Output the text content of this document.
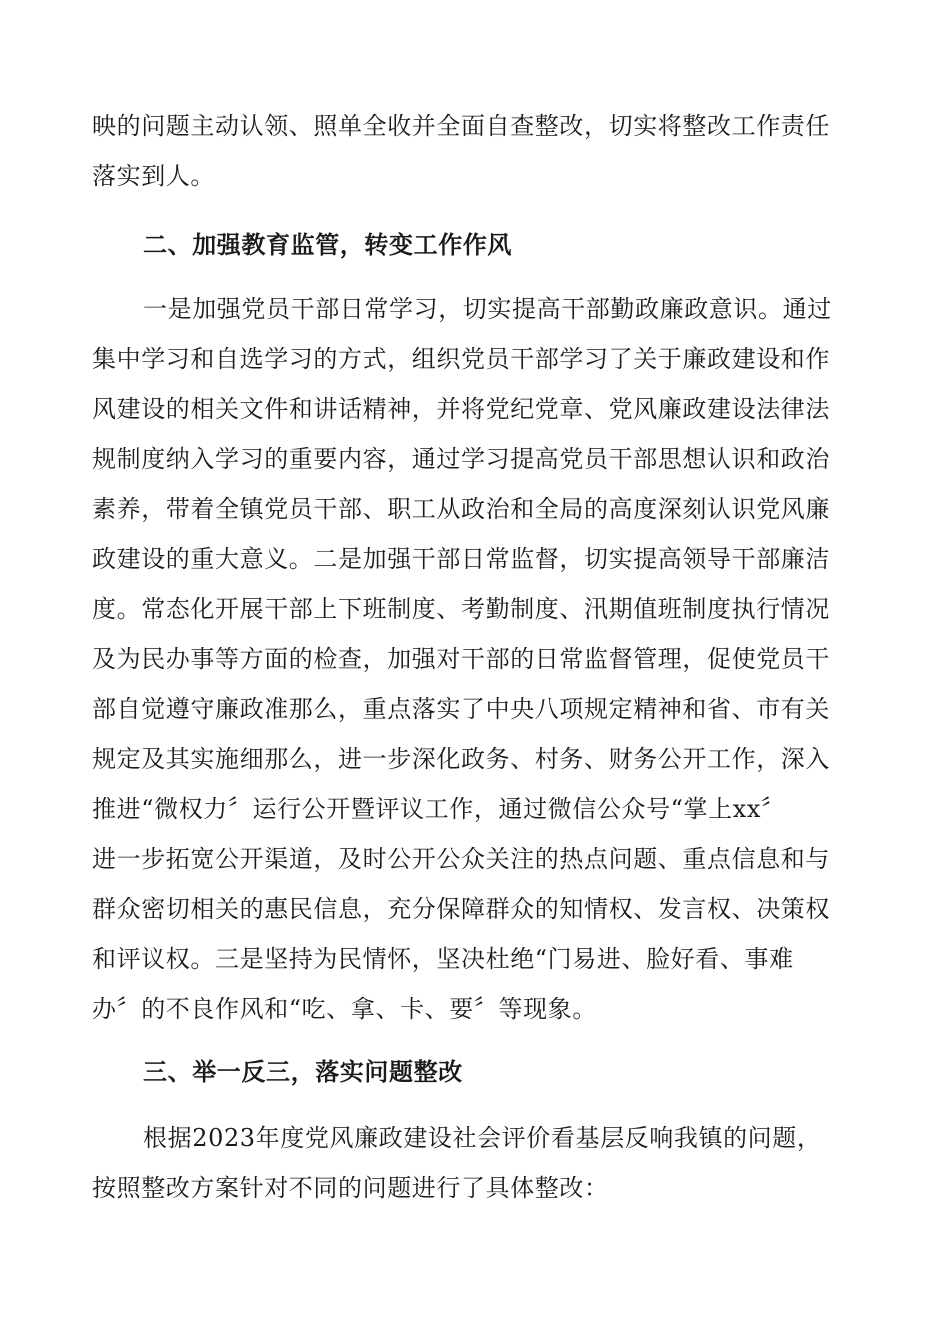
映的问题主动认领、照单全收并全面自查整改，切实将整改工作责任
落实到人。
二、加强教育监管，转变工作作风
一是加强党员干部日常学习，切实提高干部勤政廉政意识。通过
集中学习和自选学习的方式，组织党员干部学习了关于廉政建设和作
风建设的相关文件和讲话精神，并将党纪党章、党风廉政建设法律法
规制度纳入学习的重要内容，通过学习提高党员干部思想认识和政治
素养，带着全镇党员干部、职工从政治和全局的高度深刻认识党风廉
政建设的重大意义。二是加强干部日常监督，切实提高领导干部廉洁
度。常态化开展干部上下班制度、考勤制度、汛期值班制度执行情况
及为民办事等方面的检查，加强对干部的日常监督管理，促使党员干
部自觉遵守廉政准那么，重点落实了中央八项规定精神和省、市有关
规定及其实施细那么，进一步深化政务、村务、财务公开工作，深入
推进“微权力〞运行公开暨评议工作，通过微信公众号“掌上xx〞
进一步拓宽公开渠道，及时公开公众关注的热点问题、重点信息和与
群众密切相关的惠民信息，充分保障群众的知情权、发言权、决策权
和评议权。三是坚持为民情怀，坚决杜绝“门易进、脸好看、事难
办〞的不良作风和“吃、拿、卡、要〞等现象。
三、举一反三，落实问题整改
根据2023年度党风廉政建设社会评价看基层反响我镇的问题，
按照整改方案针对不同的问题进行了具体整改：
